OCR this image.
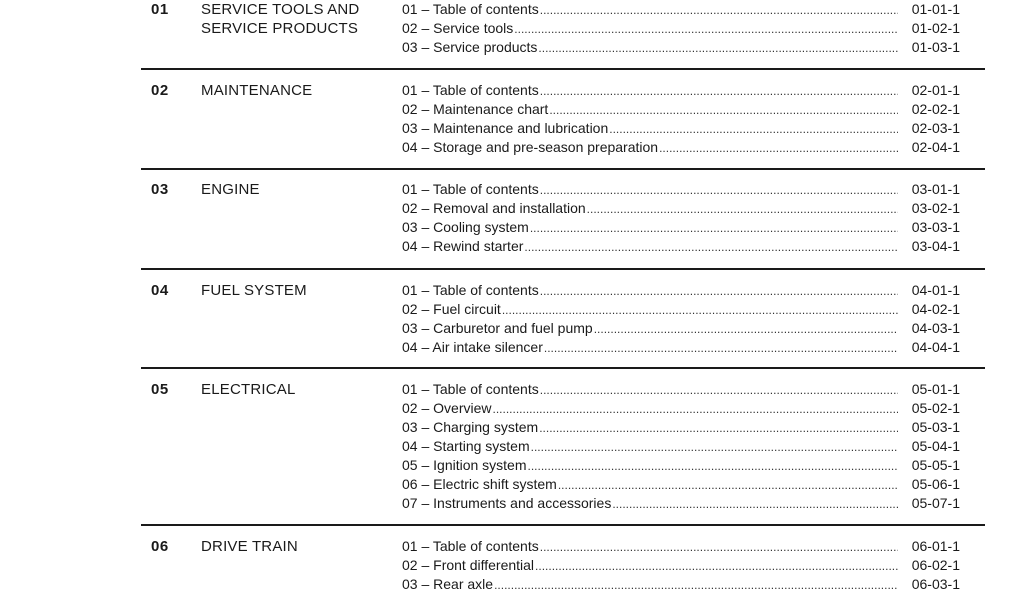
01 SERVICE TOOLS AND SERVICE PRODUCTS
01 – Table of contents .....	01-01-1
02 – Service tools .....	01-02-1
03 – Service products .....	01-03-1
02 MAINTENANCE	01 – Table of contents .....	02-01-1
02 – Maintenance chart .....	02-02-1
03 – Maintenance and lubrication .....	02-03-1
04 – Storage and pre-season preparation .....	02-04-1
03 ENGINE	01 – Table of contents .....	03-01-1
02 – Removal and installation .....	03-02-1
03 – Cooling system .....	03-03-1
04 – Rewind starter .....	03-04-1
04 FUEL SYSTEM	01 – Table of contents .....	04-01-1
02 – Fuel circuit .....	04-02-1
03 – Carburetor and fuel pump .....	04-03-1
04 – Air intake silencer .....	04-04-1
05 ELECTRICAL	01 – Table of contents .....	05-01-1
02 – Overview .....	05-02-1
03 – Charging system .....	05-03-1
04 – Starting system .....	05-04-1
05 – Ignition system .....	05-05-1
06 – Electric shift system .....	05-06-1
07 – Instruments and accessories .....	05-07-1
06 DRIVE TRAIN	01 – Table of contents .....	06-01-1
02 – Front differential .....	06-02-1
03 – Rear axle .....	06-03-1
